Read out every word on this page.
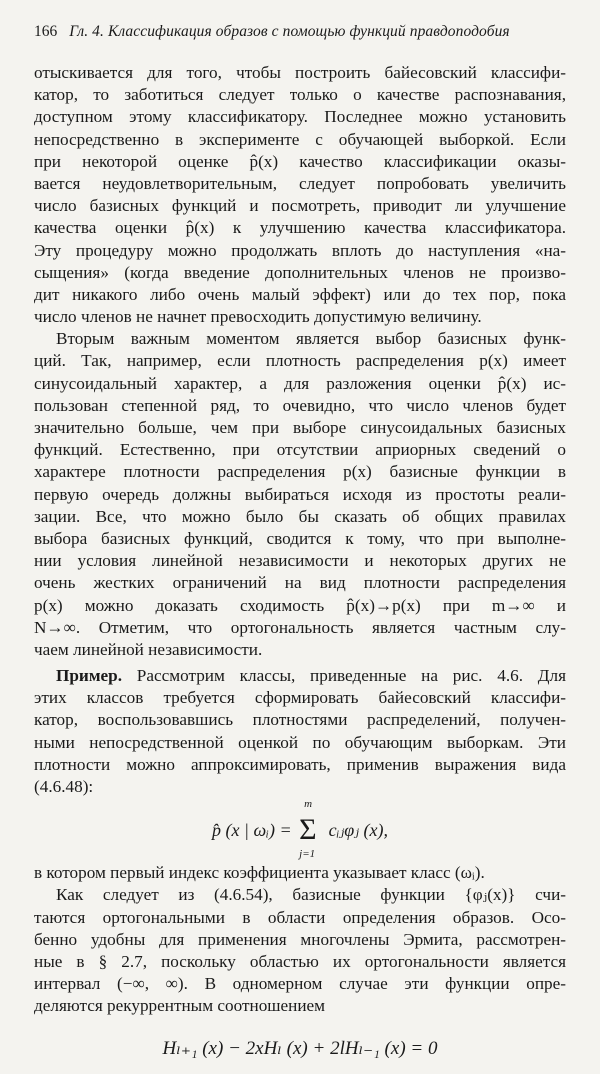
166 Гл. 4. Классификация образов с помощью функций правдоподобия
отыскивается для того, чтобы построить байесовский классифи-
катор, то заботиться следует только о качестве распознавания,
доступном этому классификатору. Последнее можно установить
непосредственно в эксперименте с обучающей выборкой. Если
при некоторой оценке p̂(x) качество классификации оказы-
вается неудовлетворительным, следует попробовать увеличить
число базисных функций и посмотреть, приводит ли улучшение
качества оценки p̂(x) к улучшению качества классификатора.
Эту процедуру можно продолжать вплоть до наступления «на-
сыщения» (когда введение дополнительных членов не произво-
дит никакого либо очень малый эффект) или до тех пор, пока
число членов не начнет превосходить допустимую величину.
Вторым важным моментом является выбор базисных функ-
ций. Так, например, если плотность распределения p(x) имеет
синусоидальный характер, а для разложения оценки p̂(x) ис-
пользован степенной ряд, то очевидно, что число членов будет
значительно больше, чем при выборе синусоидальных базисных
функций. Естественно, при отсутствии априорных сведений о
характере плотности распределения p(x) базисные функции в
первую очередь должны выбираться исходя из простоты реали-
зации. Все, что можно было бы сказать об общих правилах
выбора базисных функций, сводится к тому, что при выполне-
нии условия линейной независимости и некоторых других не
очень жестких ограничений на вид плотности распределения
p(x) можно доказать сходимость p̂(x)→p(x) при m→∞ и
N→∞. Отметим, что ортогональность является частным слу-
чаем линейной независимости.
Пример. Рассмотрим классы, приведенные на рис. 4.6. Для
этих классов требуется сформировать байесовский классифи-
катор, воспользовавшись плотностями распределений, получен-
ными непосредственной оценкой по обучающим выборкам. Эти
плотности можно аппроксимировать, применив выражения вида
(4.6.48):
p̂ (x | ωᵢ) =
m
Σ
j=1
cᵢⱼφⱼ (x),
в котором первый индекс коэффициента указывает класс (ωᵢ).
Как следует из (4.6.54), базисные функции {φⱼ(x)} счи-
таются ортогональными в области определения образов. Осо-
бенно удобны для применения многочлены Эрмита, рассмотрен-
ные в § 2.7, поскольку областью их ортогональности является
интервал (−∞, ∞). В одномерном случае эти функции опре-
деляются рекуррентным соотношением
Hₗ₊₁ (x) − 2xHₗ (x) + 2lHₗ₋₁ (x) = 0
